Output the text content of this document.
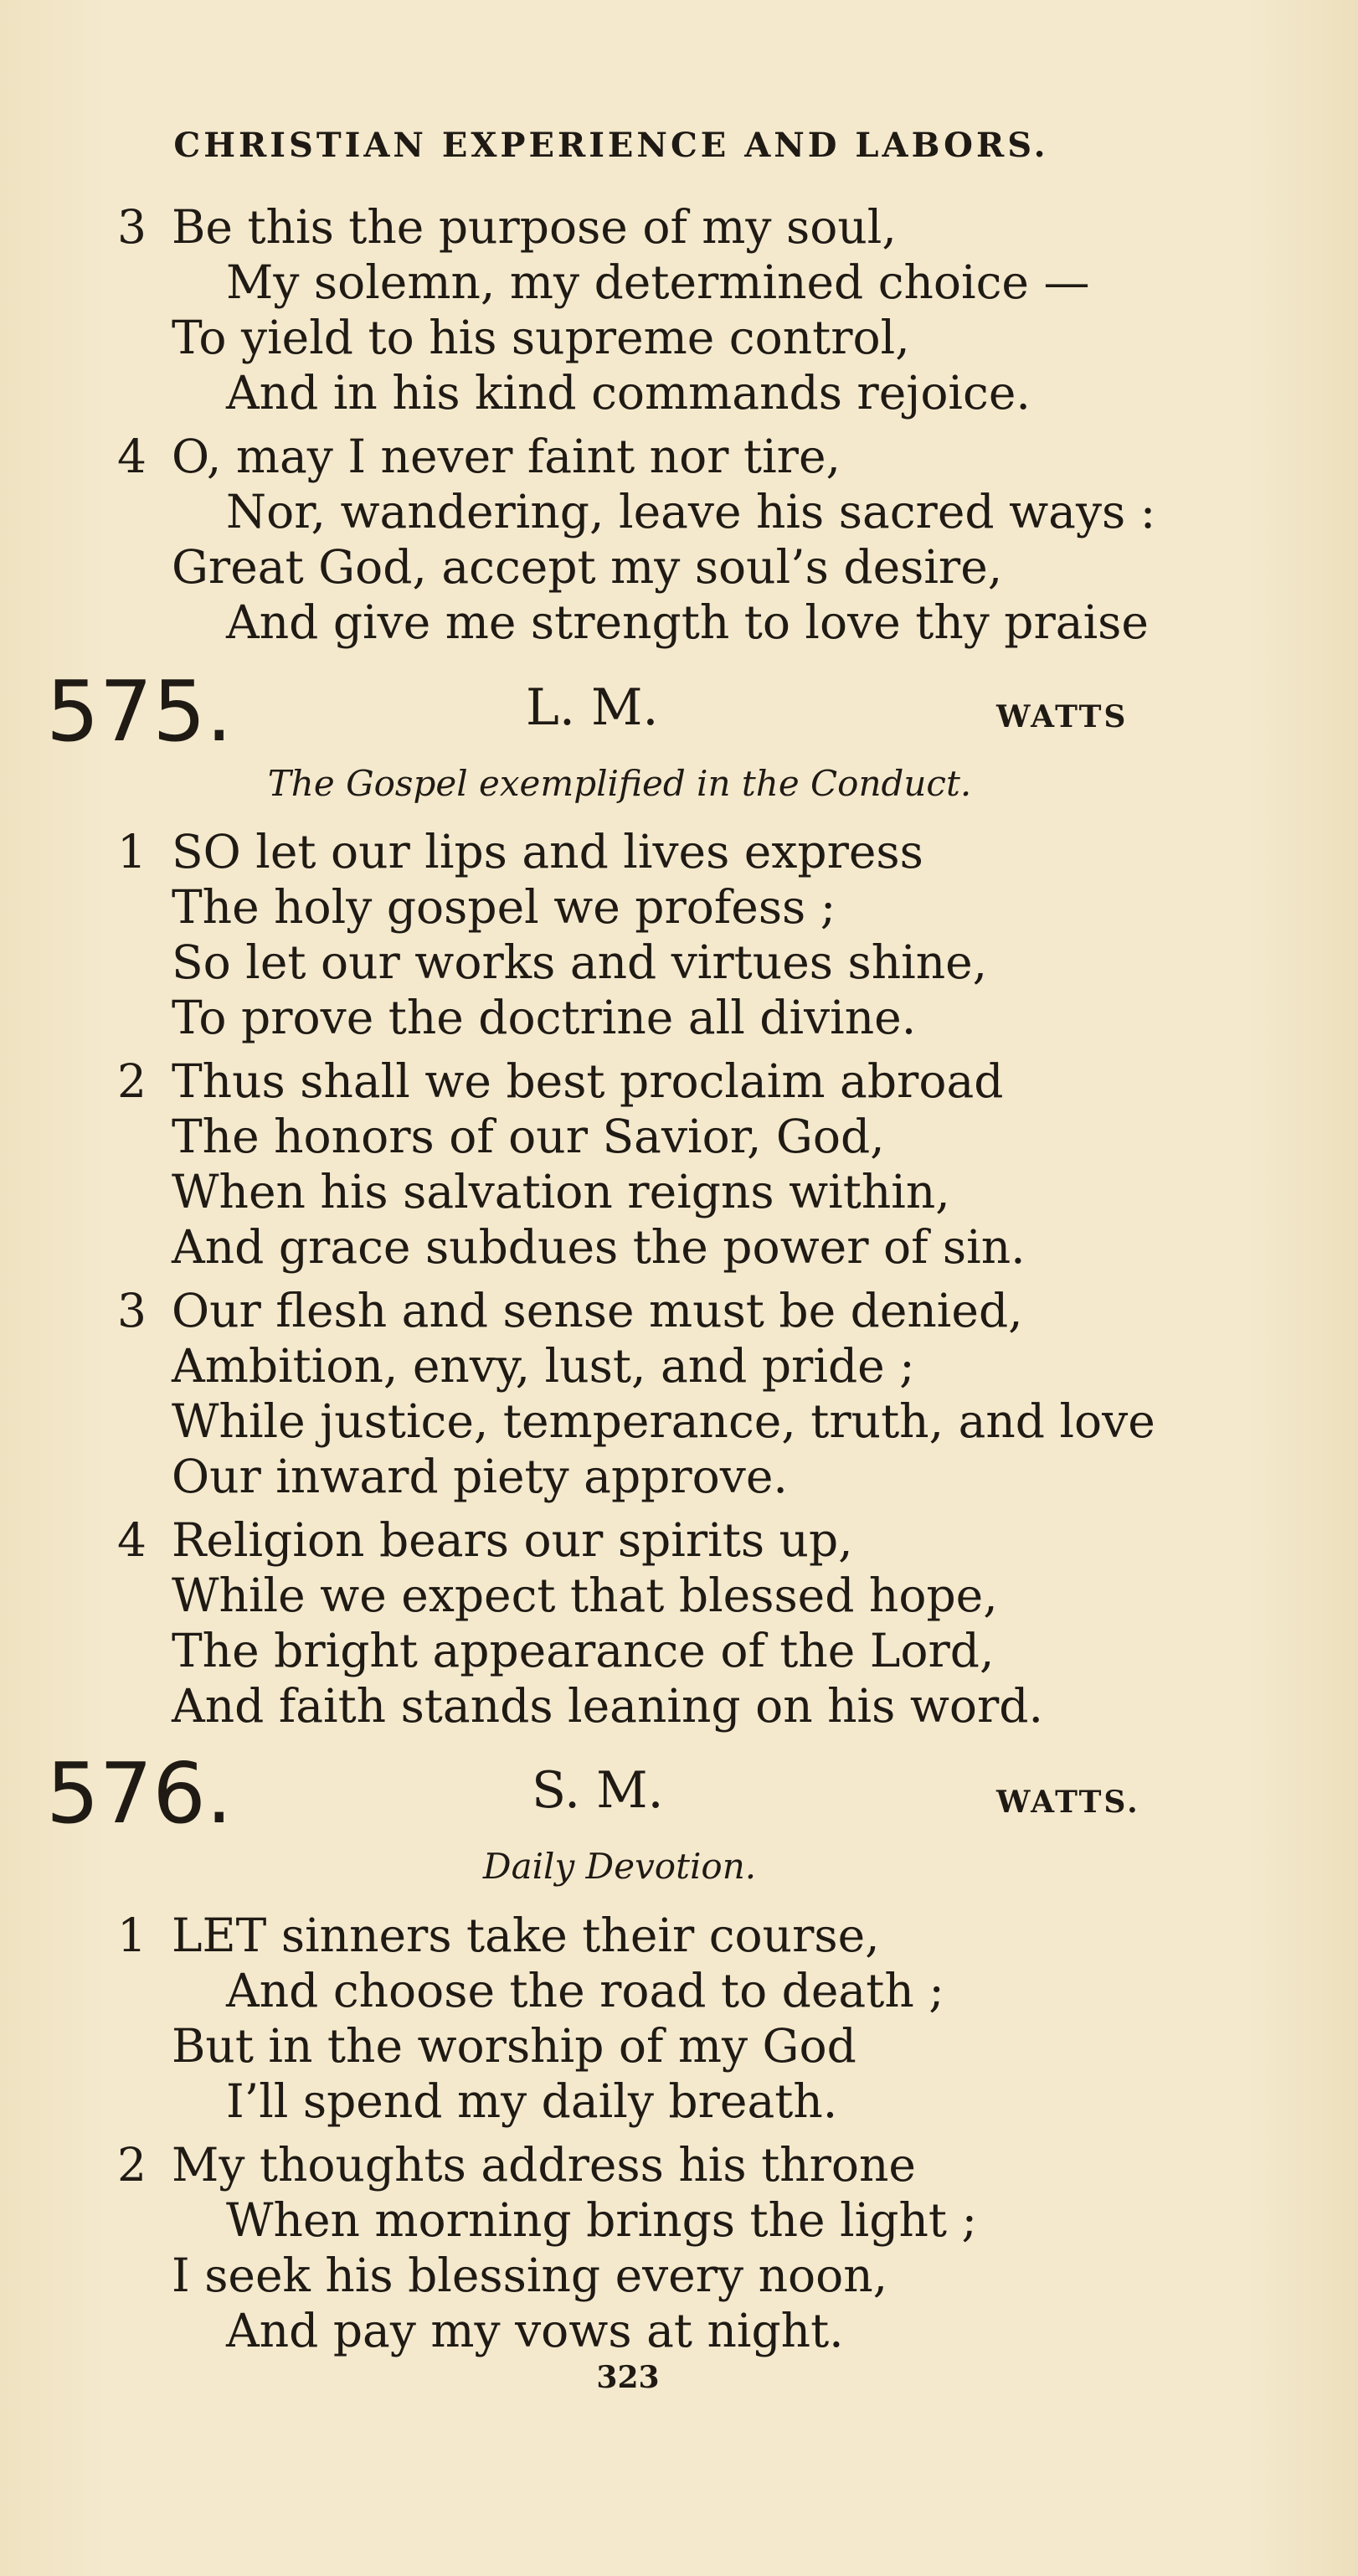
CHRISTIAN EXPERIENCE AND LABORS.
3 Be this the purpose of my soul,
My solemn, my determined choice —
To yield to his supreme control,
And in his kind commands rejoice.
4 O, may I never faint nor tire,
Nor, wandering, leave his sacred ways :
Great God, accept my soul’s desire,
And give me strength to love thy praise
575.	L. M.	WATTS
The Gospel exemplified in the Conduct.
1 SO let our lips and lives express
The holy gospel we profess ;
So let our works and virtues shine,
To prove the doctrine all divine.
2 Thus shall we best proclaim abroad
The honors of our Savior, God,
When his salvation reigns within,
And grace subdues the power of sin.
3 Our flesh and sense must be denied,
Ambition, envy, lust, and pride ;
While justice, temperance, truth, and love
Our inward piety approve.
4 Religion bears our spirits up,
While we expect that blessed hope,
The bright appearance of the Lord,
And faith stands leaning on his word.
576.	S. M.	WATTS.
Daily Devotion.
1 LET sinners take their course,
And choose the road to death ;
But in the worship of my God
I’ll spend my daily breath.
2 My thoughts address his throne
When morning brings the light ;
I seek his blessing every noon,
And pay my vows at night.
323
